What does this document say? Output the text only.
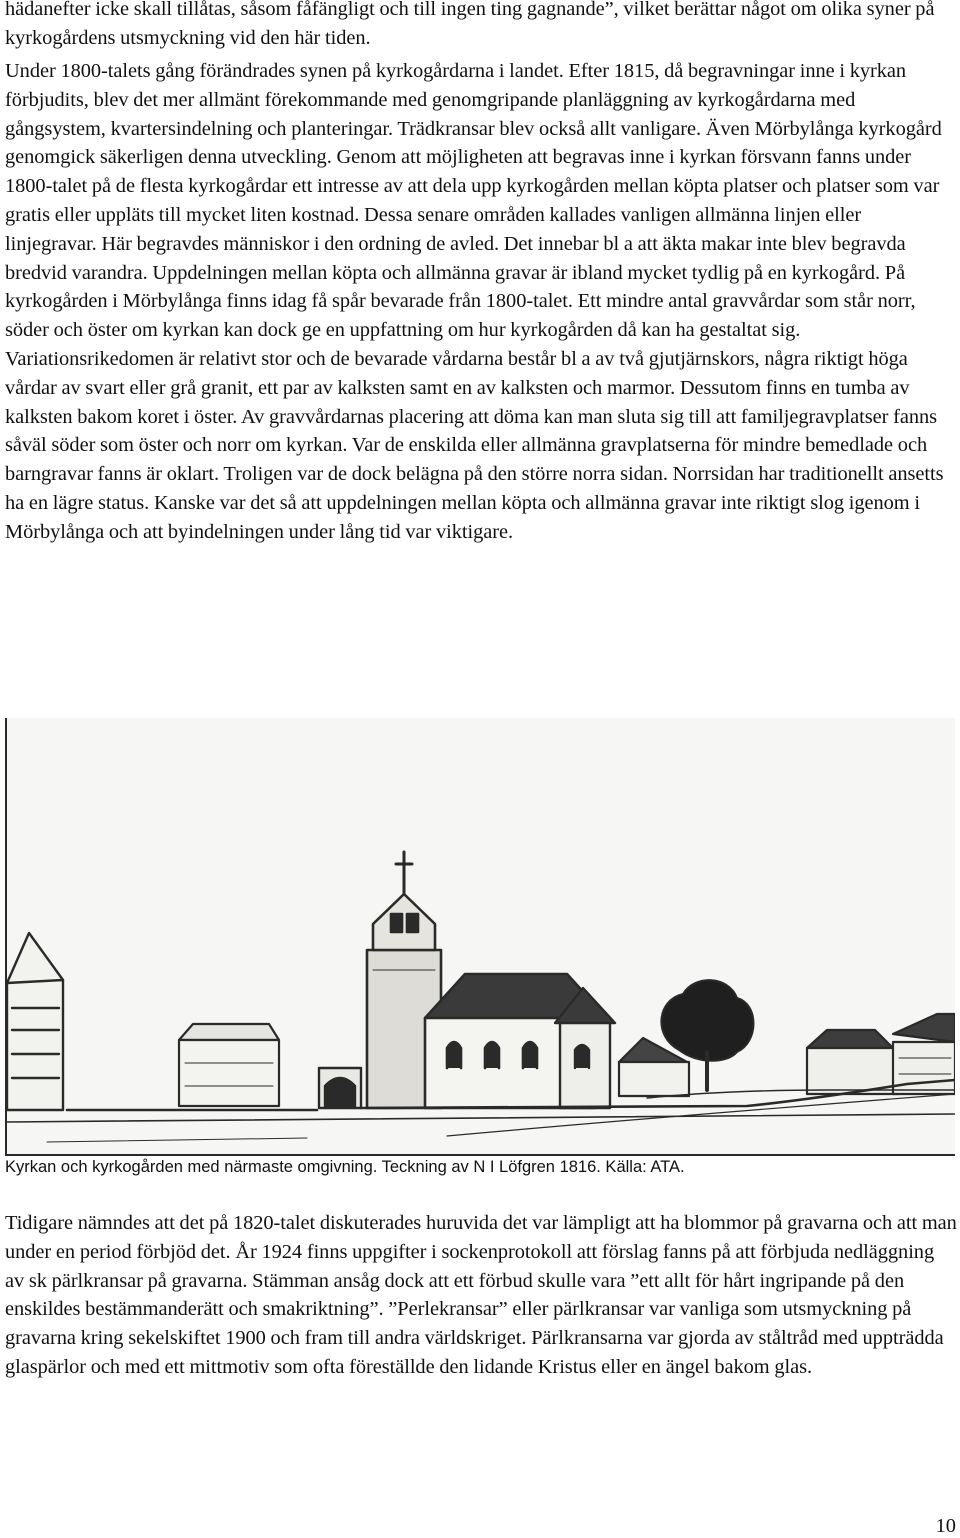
hädanefter icke skall tillåtas, såsom fåfängligt och till ingen ting gagnande”, vilket berättar något om olika syner på kyrkogårdens utsmyckning vid den här tiden.

Under 1800-talets gång förändrades synen på kyrkogårdarna i landet. Efter 1815, då begravningar inne i kyrkan förbjudits, blev det mer allmänt förekommande med genomgripande planläggning av kyrkogårdarna med gångsystem, kvartersindelning och planteringar. Trädkransar blev också allt vanligare. Även Mörbylånga kyrkogård genomgick säkerligen denna utveckling. Genom att möjligheten att begravas inne i kyrkan försvann fanns under 1800-talet på de flesta kyrkogårdar ett intresse av att dela upp kyrkogården mellan köpta platser och platser som var gratis eller uppläts till mycket liten kostnad. Dessa senare områden kallades vanligen allmänna linjen eller linjegravar. Här begravdes människor i den ordning de avled. Det innebar bl a att äkta makar inte blev begravda bredvid varandra. Uppdelningen mellan köpta och allmänna gravar är ibland mycket tydlig på en kyrkogård. På kyrkogården i Mörbylånga finns idag få spår bevarade från 1800-talet. Ett mindre antal gravvårdar som står norr, söder och öster om kyrkan kan dock ge en uppfattning om hur kyrkogården då kan ha gestaltat sig. Variationsrikedomen är relativt stor och de bevarade vårdarna består bl a av två gjutjärnskors, några riktigt höga vårdar av svart eller grå granit, ett par av kalksten samt en av kalksten och marmor. Dessutom finns en tumba av kalksten bakom koret i öster. Av gravvårdarnas placering att döma kan man sluta sig till att familjegravplatser fanns såväl söder som öster och norr om kyrkan. Var de enskilda eller allmänna gravplatserna för mindre bemedlade och barngravar fanns är oklart. Troligen var de dock belägna på den större norra sidan. Norrsidan har traditionellt ansetts ha en lägre status. Kanske var det så att uppdelningen mellan köpta och allmänna gravar inte riktigt slog igenom i Mörbylånga och att byindelningen under lång tid var viktigare.

Kyrkan och kyrkogården med närmaste omgivning. Teckning av N I Löfgren 1816. Källa: ATA.

Tidigare nämndes att det på 1820-talet diskuterades huruvida det var lämpligt att ha blommor på gravarna och att man under en period förbjöd det. År 1924 finns uppgifter i sockenprotokoll att förslag fanns på att förbjuda nedläggning av sk pärlkransar på gravarna. Stämman ansåg dock att ett förbud skulle vara ”ett allt för hårt ingripande på den enskildes bestämmanderätt och smakriktning”. ”Perlekransar” eller pärlkransar var vanliga som utsmyckning på gravarna kring sekelskiftet 1900 och fram till andra världskriget. Pärlkransarna var gjorda av ståltråd med uppträdda glaspärlor och med ett mittmotiv som ofta föreställde den lidande Kristus eller en ängel bakom glas.

10
